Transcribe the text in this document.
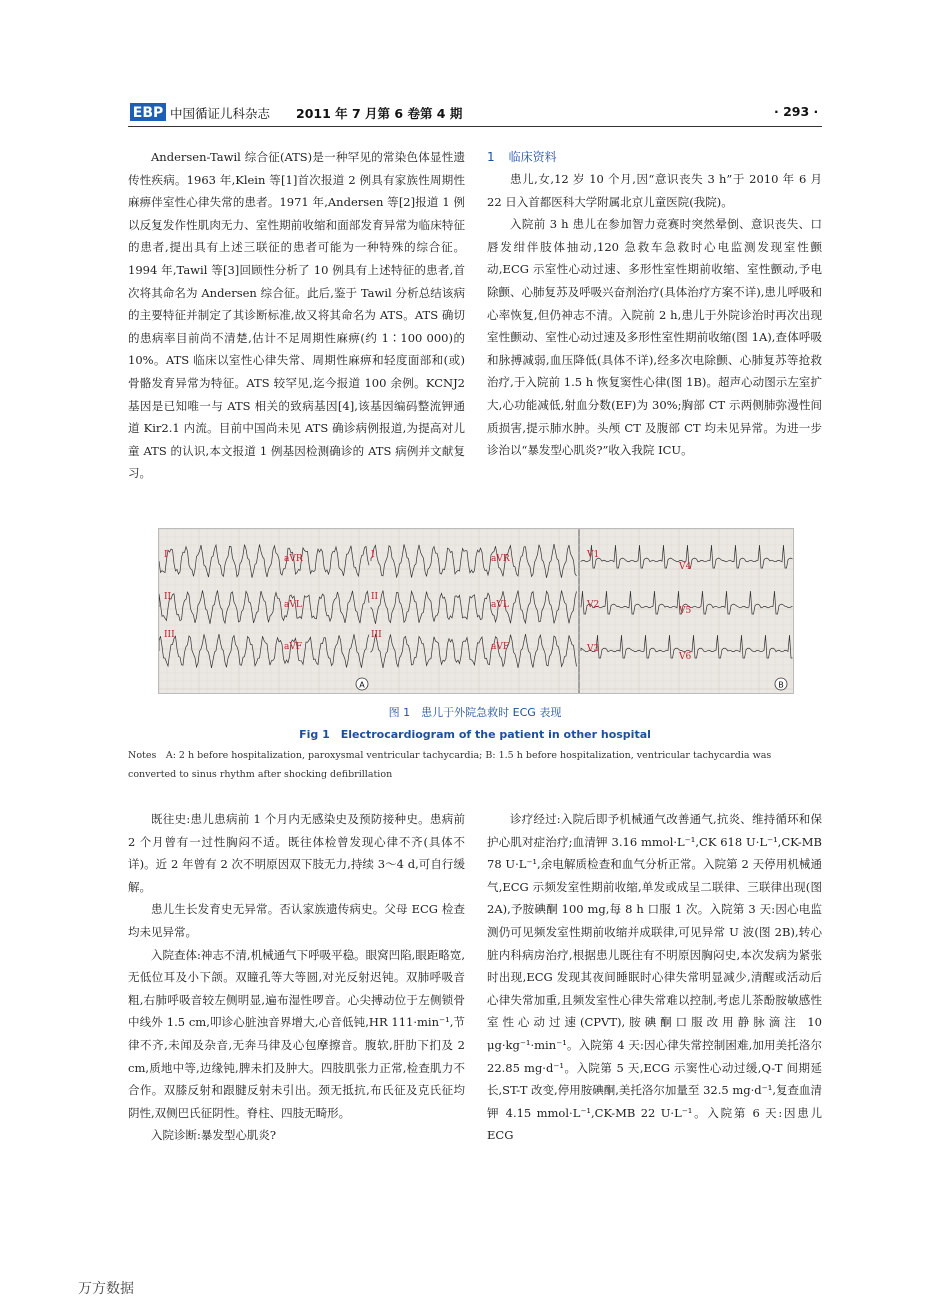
EBP 中国循证儿科杂志 2011 年 7 月第 6 卷第 4 期	· 293 ·

Andersen-Tawil 综合征(ATS)是一种罕见的常染色体显性遗传性疾病。1963 年,Klein 等[1]首次报道 2 例具有家族性周期性麻痹伴室性心律失常的患者。1971 年,Andersen 等[2]报道 1 例以反复发作性肌肉无力、室性期前收缩和面部发育异常为临床特征的患者,提出具有上述三联征的患者可能为一种特殊的综合征。1994 年,Tawil 等[3]回顾性分析了 10 例具有上述特征的患者,首次将其命名为 Andersen 综合征。此后,鉴于 Tawil 分析总结该病的主要特征并制定了其诊断标准,故又将其命名为 ATS。ATS 确切的患病率目前尚不清楚,估计不足周期性麻痹(约 1∶100 000)的 10%。ATS 临床以室性心律失常、周期性麻痹和轻度面部和(或)骨骼发育异常为特征。ATS 较罕见,迄今报道 100 余例。KCNJ2 基因是已知唯一与 ATS 相关的致病基因[4],该基因编码整流钾通道 Kir2.1 内流。目前中国尚未见 ATS 确诊病例报道,为提高对儿童 ATS 的认识,本文报道 1 例基因检测确诊的 ATS 病例并文献复习。

1 临床资料

患儿,女,12 岁 10 个月,因“意识丧失 3 h”于 2010 年 6 月 22 日入首都医科大学附属北京儿童医院(我院)。

入院前 3 h 患儿在参加智力竞赛时突然晕倒、意识丧失、口唇发绀伴肢体抽动,120 急救车急救时心电监测发现室性颤动,ECG 示室性心动过速、多形性室性期前收缩、室性颤动,予电除颤、心肺复苏及呼吸兴奋剂治疗(具体治疗方案不详),患儿呼吸和心率恢复,但仍神志不清。入院前 2 h,患儿于外院诊治时再次出现室性颤动、室性心动过速及多形性室性期前收缩(图 1A),查体呼吸和脉搏减弱,血压降低(具体不详),经多次电除颤、心肺复苏等抢救治疗,于入院前 1.5 h 恢复窦性心律(图 1B)。超声心动图示左室扩大,心功能减低,射血分数(EF)为 30%;胸部 CT 示两侧肺弥漫性间质损害,提示肺水肿。头颅 CT 及腹部 CT 均未见异常。为进一步诊治以“暴发型心肌炎?”收入我院 ICU。

I
II
III
aVR
aVL
aVF
I
II
III
aVR
aVL
aVF
V1
V2
V3
V4
V5
V6
A	B
图 1　患儿于外院急救时 ECG 表现
Fig 1　Electrocardiogram of the patient in other hospital
Notes　A: 2 h before hospitalization, paroxysmal ventricular tachycardia; B: 1.5 h before hospitalization, ventricular tachycardia was converted to sinus rhythm after shocking defibrillation

既往史:患儿患病前 1 个月内无感染史及预防接种史。患病前 2 个月曾有一过性胸闷不适。既往体检曾发现心律不齐(具体不详)。近 2 年曾有 2 次不明原因双下肢无力,持续 3～4 d,可自行缓解。

患儿生长发育史无异常。否认家族遗传病史。父母 ECG 检查均未见异常。

入院查体:神志不清,机械通气下呼吸平稳。眼窝凹陷,眼距略宽,无低位耳及小下颌。双瞳孔等大等圆,对光反射迟钝。双肺呼吸音粗,右肺呼吸音较左侧明显,遍布湿性啰音。心尖搏动位于左侧锁骨中线外 1.5 cm,叩诊心脏浊音界增大,心音低钝,HR 111·min⁻¹,节律不齐,未闻及杂音,无奔马律及心包摩擦音。腹软,肝肋下扪及 2 cm,质地中等,边缘钝,脾未扪及肿大。四肢肌张力正常,检查肌力不合作。双膝反射和跟腱反射未引出。颈无抵抗,布氏征及克氏征均阴性,双侧巴氏征阴性。脊柱、四肢无畸形。

入院诊断:暴发型心肌炎?

诊疗经过:入院后即予机械通气改善通气,抗炎、维持循环和保护心肌对症治疗;血清钾 3.16 mmol·L⁻¹,CK 618 U·L⁻¹,CK-MB 78 U·L⁻¹,余电解质检查和血气分析正常。入院第 2 天停用机械通气,ECG 示频发室性期前收缩,单发或成呈二联律、三联律出现(图 2A),予胺碘酮 100 mg,每 8 h 口服 1 次。入院第 3 天:因心电监测仍可见频发室性期前收缩并成联律,可见异常 U 波(图 2B),转心脏内科病房治疗,根据患儿既往有不明原因胸闷史,本次发病为紧张时出现,ECG 发现其夜间睡眠时心律失常明显减少,清醒或活动后心律失常加重,且频发室性心律失常难以控制,考虑儿茶酚胺敏感性室性心动过速(CPVT),胺碘酮口服改用静脉滴注 10 μg·kg⁻¹·min⁻¹。入院第 4 天:因心律失常控制困难,加用美托洛尔 22.85 mg·d⁻¹。入院第 5 天,ECG 示窦性心动过缓,Q-T 间期延长,ST-T 改变,停用胺碘酮,美托洛尔加量至 32.5 mg·d⁻¹,复查血清钾 4.15 mmol·L⁻¹,CK-MB 22 U·L⁻¹。入院第 6 天:因患儿 ECG

万方数据
